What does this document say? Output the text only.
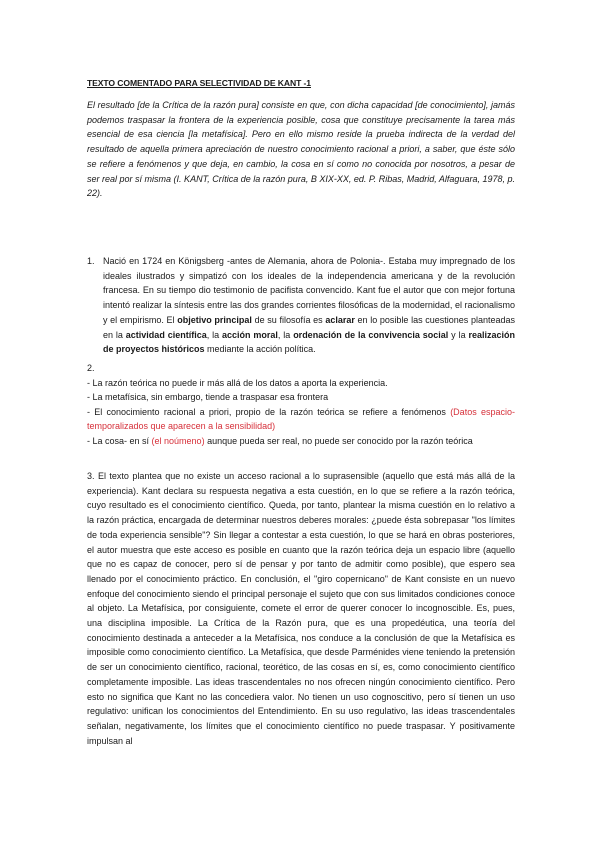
TEXTO COMENTADO PARA SELECTIVIDAD DE KANT -1
El resultado [de la Crítica de la razón pura] consiste en que, con dicha capacidad [de conocimiento], jamás podemos traspasar la frontera de la experiencia posible, cosa que constituye precisamente la tarea más esencial de esa ciencia [la metafísica]. Pero en ello mismo reside la prueba indirecta de la verdad del resultado de aquella primera apreciación de nuestro conocimiento racional a priori, a saber, que éste sólo se refiere a fenómenos y que deja, en cambio, la cosa en sí como no conocida por nosotros, a pesar de ser real por sí misma (I. KANT, Crítica de la razón pura, B XIX-XX, ed. P. Ribas, Madrid, Alfaguara, 1978, p. 22).
1. Nació en 1724 en Königsberg -antes de Alemania, ahora de Polonia-. Estaba muy impregnado de los ideales ilustrados y simpatizó con los ideales de la independencia americana y de la revolución francesa. En su tiempo dio testimonio de pacifista convencido. Kant fue el autor que con mejor fortuna intentó realizar la síntesis entre las dos grandes corrientes filosóficas de la modernidad, el racionalismo y el empirismo. El objetivo principal de su filosofía es aclarar en lo posible las cuestiones planteadas en la actividad científica, la acción moral, la ordenación de la convivencia social y la realización de proyectos históricos mediante la acción política.

2.

- La razón teórica no puede ir más allá de los datos a aporta la experiencia.

- La metafísica, sin embargo, tiende a traspasar esa frontera

- El conocimiento racional a priori, propio de la razón teórica se refiere a fenómenos (Datos espacio-temporalizados que aparecen a la sensibilidad)

- La cosa- en sí (el noúmeno) aunque pueda ser real, no puede ser conocido por la razón teórica

3. El texto plantea que no existe un acceso racional a lo suprasensible (aquello que está más allá de la experiencia). Kant declara su respuesta negativa a esta cuestión, en lo que se refiere a la razón teórica, cuyo resultado es el conocimiento científico. Queda, por tanto, plantear la misma cuestión en lo relativo a la razón práctica, encargada de determinar nuestros deberes morales: ¿puede ésta sobrepasar "los límites de toda experiencia sensible"? Sin llegar a contestar a esta cuestión, lo que se hará en obras posteriores, el autor muestra que este acceso es posible en cuanto que la razón teórica deja un espacio libre (aquello que no es capaz de conocer, pero sí de pensar y por tanto de admitir como posible), que espero sea llenado por el conocimiento práctico. En conclusión, el "giro copernicano" de Kant consiste en un nuevo enfoque del conocimiento siendo el principal personaje el sujeto que con sus limitados condiciones conoce al objeto. La Metafísica, por consiguiente, comete el error de querer conocer lo incognoscible. Es, pues, una disciplina imposible. La Crítica de la Razón pura, que es una propedéutica, una teoría del conocimiento destinada a anteceder a la Metafísica, nos conduce a la conclusión de que la Metafísica es imposible como conocimiento científico. La Metafísica, que desde Parménides viene teniendo la pretensión de ser un conocimiento científico, racional, teorético, de las cosas en sí, es, como conocimiento científico completamente imposible. Las ideas trascendentales no nos ofrecen ningún conocimiento científico. Pero esto no significa que Kant no las concediera valor. No tienen un uso cognoscitivo, pero sí tienen un uso regulativo: unifican los conocimientos del Entendimiento. En su uso regulativo, las ideas trascendentales señalan, negativamente, los límites que el conocimiento científico no puede traspasar. Y positivamente impulsan al
